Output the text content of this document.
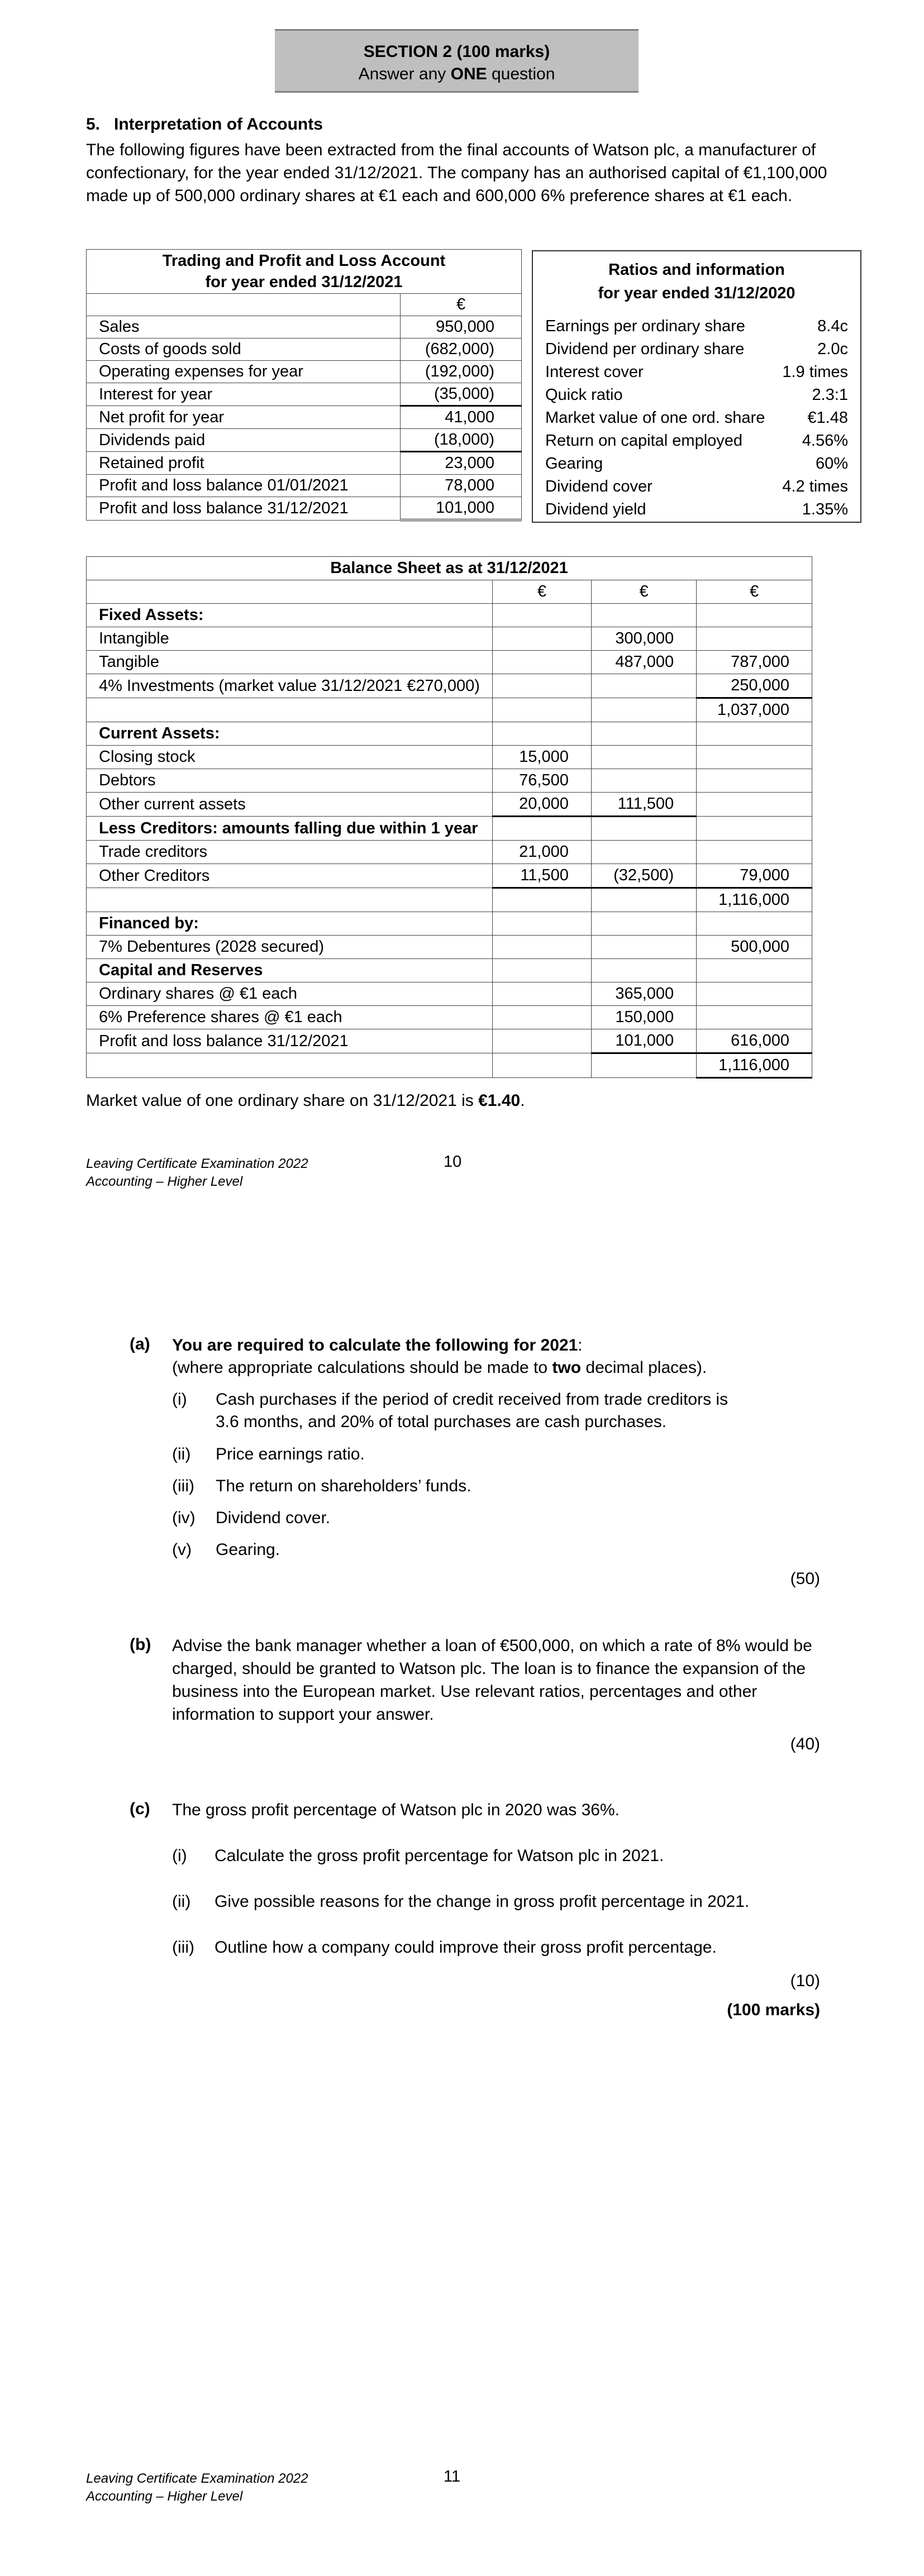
SECTION 2 (100 marks)
Answer any ONE question
5.   Interpretation of Accounts
The following figures have been extracted from the final accounts of Watson plc, a manufacturer of confectionary, for the year ended 31/12/2021. The company has an authorised capital of €1,100,000 made up of 500,000 ordinary shares at €1 each and 600,000 6% preference shares at €1 each.
Trading and Profit and Loss Account
for year ended 31/12/2021	

	€
Sales	950,000
Costs of goods sold	(682,000)
Operating expenses for year	(192,000)
Interest for year	(35,000)
Net profit for year	41,000
Dividends paid	(18,000)
Retained profit	23,000
Profit and loss balance 01/01/2021	78,000
Profit and loss balance 31/12/2021	101,000
Ratios and information
for year ended 31/12/2020
Earnings per ordinary share	8.4c
Dividend per ordinary share	2.0c
Interest cover	1.9 times
Quick ratio	2.3:1
Market value of one ord. share	€1.48
Return on capital employed	4.56%
Gearing	60%
Dividend cover	4.2 times
Dividend yield	1.35%
Balance Sheet as at 31/12/2021			
	€	€	€
Fixed Assets:			
Intangible		300,000	
Tangible		487,000	787,000
4% Investments (market value 31/12/2021 €270,000)			250,000
			1,037,000
Current Assets:			
Closing stock	15,000		
Debtors	76,500		
Other current assets	20,000	111,500	
Less Creditors: amounts falling due within 1 year			
Trade creditors	21,000		
Other Creditors	11,500	(32,500)	79,000
			1,116,000
Financed by:			
7% Debentures (2028 secured)			500,000
Capital and Reserves			
Ordinary shares @ €1 each		365,000	
6% Preference shares @ €1 each		150,000	
Profit and loss balance 31/12/2021		101,000	616,000
			1,116,000
Market value of one ordinary share on 31/12/2021 is €1.40.
Leaving Certificate Examination 2022
Accounting – Higher Level
10
(a) You are required to calculate the following for 2021:
(where appropriate calculations should be made to two decimal places).
(i) Cash purchases if the period of credit received from trade creditors is
3.6 months, and 20% of total purchases are cash purchases.
(ii) Price earnings ratio.
(iii) The return on shareholders’ funds.
(iv) Dividend cover.
(v) Gearing.
(50)
(b) Advise the bank manager whether a loan of €500,000, on which a rate of 8% would be
charged, should be granted to Watson plc. The loan is to finance the expansion of the
business into the European market. Use relevant ratios, percentages and other
information to support your answer.
(40)
(c) The gross profit percentage of Watson plc in 2020 was 36%.
(i) Calculate the gross profit percentage for Watson plc in 2021.
(ii) Give possible reasons for the change in gross profit percentage in 2021.
(iii) Outline how a company could improve their gross profit percentage.
(10)
(100 marks)
Leaving Certificate Examination 2022
Accounting – Higher Level
11
